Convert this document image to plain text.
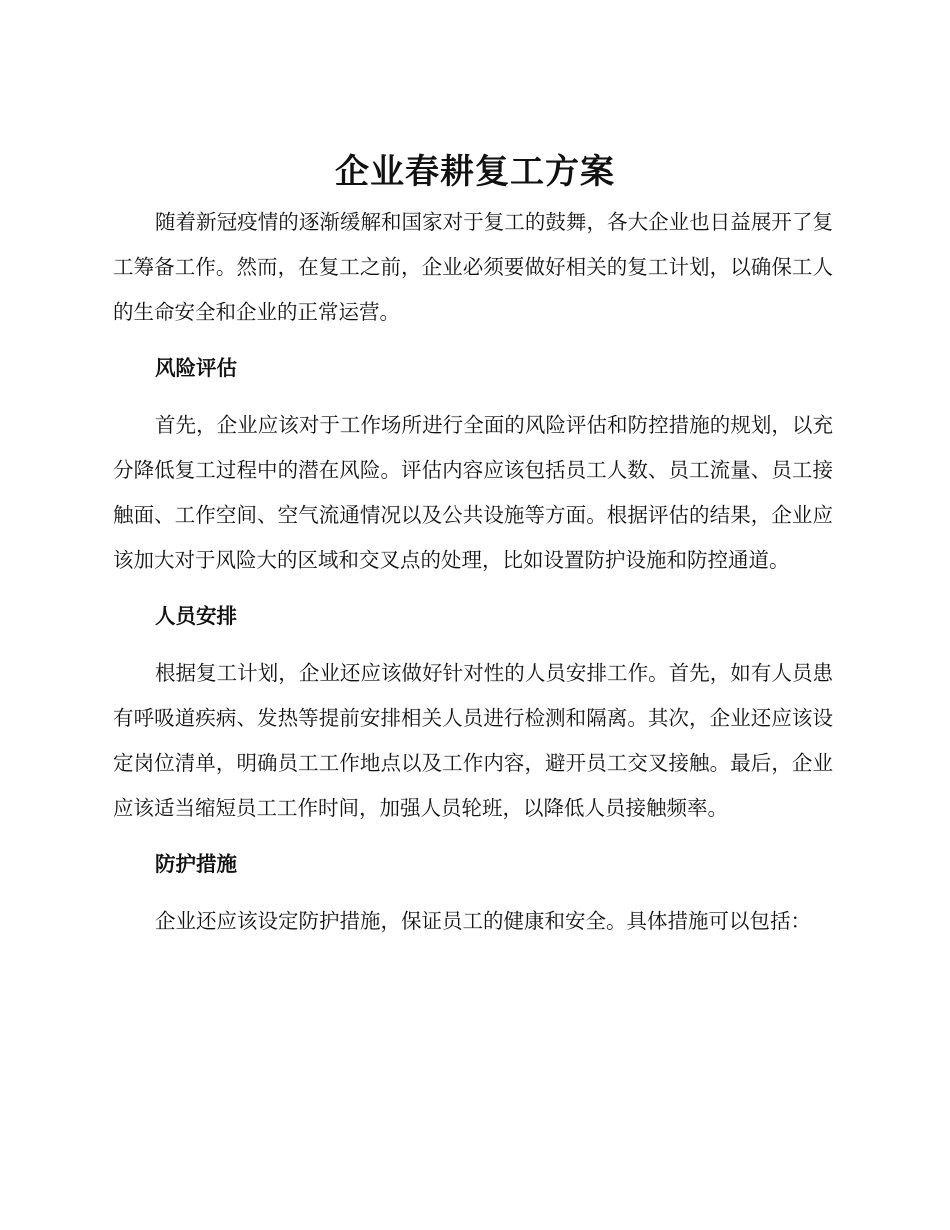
企业春耕复工方案

随着新冠疫情的逐渐缓解和国家对于复工的鼓舞，各大企业也日益展开了复工筹备工作。然而，在复工之前，企业必须要做好相关的复工计划，以确保工人的生命安全和企业的正常运营。

风险评估

首先，企业应该对于工作场所进行全面的风险评估和防控措施的规划，以充分降低复工过程中的潜在风险。评估内容应该包括员工人数、员工流量、员工接触面、工作空间、空气流通情况以及公共设施等方面。根据评估的结果，企业应该加大对于风险大的区域和交叉点的处理，比如设置防护设施和防控通道。

人员安排

根据复工计划，企业还应该做好针对性的人员安排工作。首先，如有人员患有呼吸道疾病、发热等提前安排相关人员进行检测和隔离。其次，企业还应该设定岗位清单，明确员工工作地点以及工作内容，避开员工交叉接触。最后，企业应该适当缩短员工工作时间，加强人员轮班，以降低人员接触频率。

防护措施

企业还应该设定防护措施，保证员工的健康和安全。具体措施可以包括：
